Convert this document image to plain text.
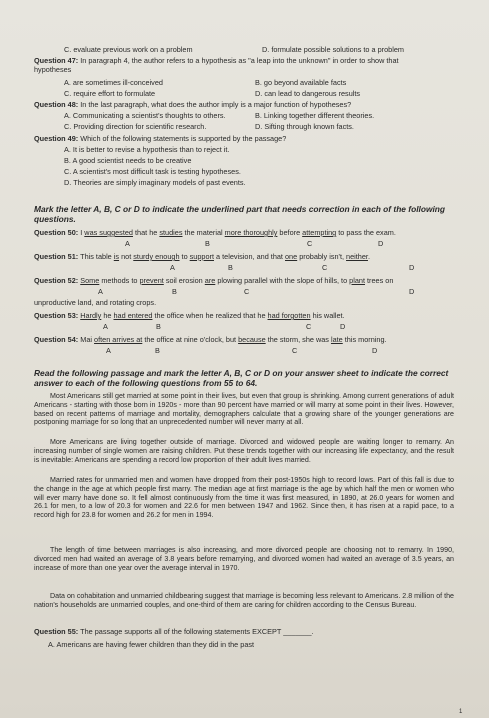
C. evaluate previous work on a problem	D. formulate possible solutions to a problem
Question 47: In paragraph 4, the author refers to a hypothesis as "a leap into the unknown" in order to show that
hypotheses
A. are sometimes ill-conceived	B. go beyond available facts
C. require effort to formulate	D. can lead to dangerous results
Question 48: In the last paragraph, what does the author imply is a major function of hypotheses?
A. Communicating a scientist's thoughts to others.	B. Linking together different theories.
C. Providing direction for scientific research.	D. Sifting through known facts.
Question 49: Which of the following statements is supported by the passage?
A. It is better to revise a hypothesis than to reject it.
B. A good scientist needs to be creative
C. A scientist's most difficult task is testing hypotheses.
D. Theories are simply imaginary models of past events.
Mark the letter A, B, C or D to indicate the underlined part that needs correction in each of the following
questions.
Question 50: I was suggested that he studies the material more thoroughly before attempting to pass the exam.
A	B	C	D
Question 51: This table is not sturdy enough to support a television, and that one probably isn't, neither.
A	B	C	D
Question 52: Some methods to prevent soil erosion are plowing parallel with the slope of hills, to plant trees on
A	B	C	D
unproductive land, and rotating crops.
Question 53: Hardly he had entered the office when he realized that he had forgotten his wallet.
A	B	C	D
Question 54: Mai often arrives at the office at nine o'clock, but because the storm, she was late this morning.
A	B	C	D
Read the following passage and mark the letter A, B, C or D on your answer sheet to indicate the correct
answer to each of the following questions from 55 to 64.
Most Americans still get married at some point in their lives, but even that group is shrinking. Among current generations of adult Americans - starting with those born in 1920s - more than 90 percent have married or will marry at some point in their lives. However, based on recent patterns of marriage and mortality, demographers calculate that a growing share of the younger generations are postponing marriage for so long that an unprecedented number will never marry at all.
More Americans are living together outside of marriage. Divorced and widowed people are waiting longer to remarry. An increasing number of single women are raising children. Put these trends together with our increasing life expectancy, and the result is inevitable: Americans are spending a record low proportion of their adult lives married.
Married rates for unmarried men and women have dropped from their post-1950s high to record lows. Part of this fall is due to the change in the age at which people first marry. The median age at first marriage is the age by which half the men or women who will ever marry have done so. It fell almost continuously from the time it was first measured, in 1890, at 26.0 years for women and 26.1 for men, to a low of 20.3 for women and 22.6 for men between 1947 and 1962. Since then, it has risen at a rapid pace, to a record high for 23.8 for women and 26.2 for men in 1994.
The length of time between marriages is also increasing, and more divorced people are choosing not to remarry. In 1990, divorced men had waited an average of 3.8 years before remarrying, and divorced women had waited an average of 3.5 years, an increase of more than one year over the average interval in 1970.
Data on cohabitation and unmarried childbearing suggest that marriage is becoming less relevant to Americans. 2.8 million of the nation's households are unmarried couples, and one-third of them are caring for children according to the Census Bureau.
Question 55: The passage supports all of the following statements EXCEPT _______.
A. Americans are having fewer children than they did in the past
1
